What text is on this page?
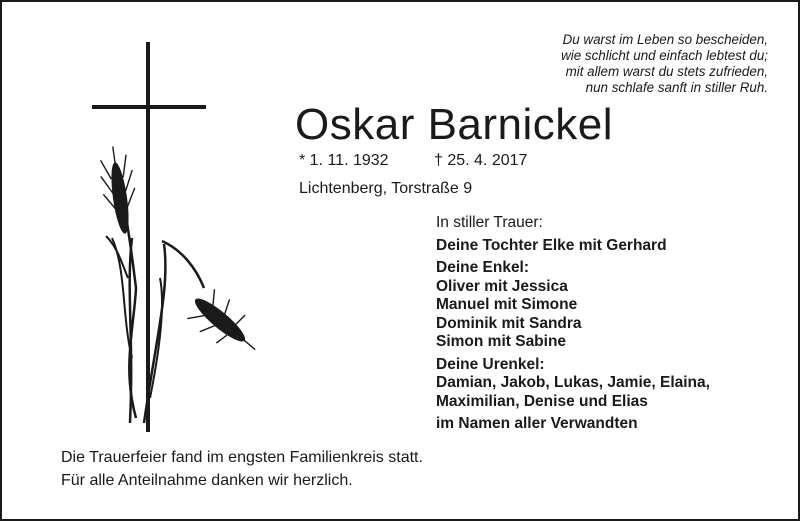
Du warst im Leben so bescheiden,
wie schlicht und einfach lebtest du;
mit allem warst du stets zufrieden,
nun schlafe sanft in stiller Ruh.
Oskar Barnickel
* 1. 11. 1932	† 25. 4. 2017
Lichtenberg, Torstraße 9
In stiller Trauer:
Deine Tochter Elke mit Gerhard
Deine Enkel:
Oliver mit Jessica
Manuel mit Simone
Dominik mit Sandra
Simon mit Sabine
Deine Urenkel:
Damian, Jakob, Lukas, Jamie, Elaina,
Maximilian, Denise und Elias
im Namen aller Verwandten
Die Trauerfeier fand im engsten Familienkreis statt.
Für alle Anteilnahme danken wir herzlich.
